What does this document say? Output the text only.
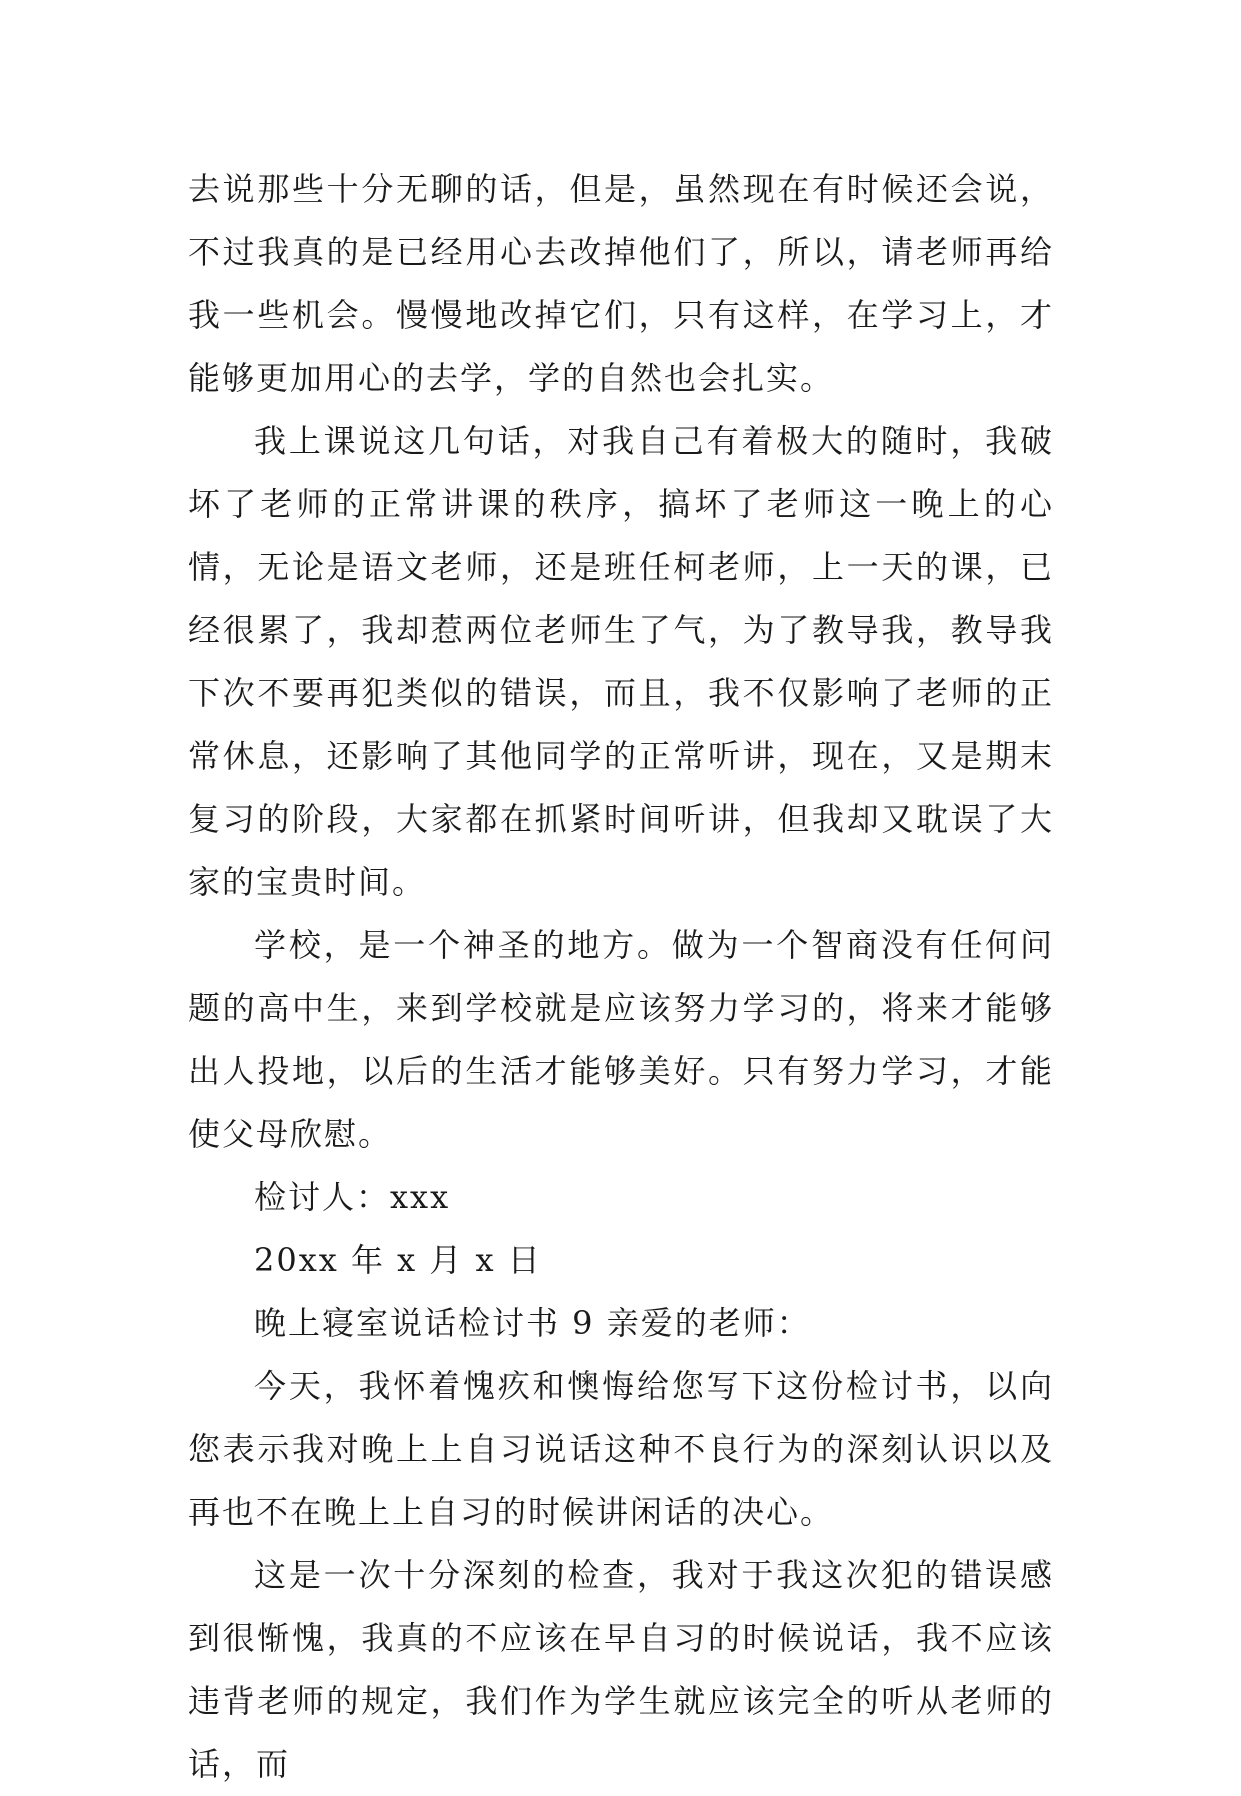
去说那些十分无聊的话，但是，虽然现在有时候还会说，不过我真的是已经用心去改掉他们了，所以，请老师再给我一些机会。慢慢地改掉它们，只有这样，在学习上，才能够更加用心的去学，学的自然也会扎实。

我上课说这几句话，对我自己有着极大的随时，我破坏了老师的正常讲课的秩序，搞坏了老师这一晚上的心情，无论是语文老师，还是班任柯老师，上一天的课，已经很累了，我却惹两位老师生了气，为了教导我，教导我下次不要再犯类似的错误，而且，我不仅影响了老师的正常休息，还影响了其他同学的正常听讲，现在，又是期末复习的阶段，大家都在抓紧时间听讲，但我却又耽误了大家的宝贵时间。

学校，是一个神圣的地方。做为一个智商没有任何问题的高中生，来到学校就是应该努力学习的，将来才能够出人投地，以后的生活才能够美好。只有努力学习，才能使父母欣慰。

检讨人：xxx

20xx 年 x 月 x 日

晚上寝室说话检讨书 9 亲爱的老师：

今天，我怀着愧疚和懊悔给您写下这份检讨书，以向您表示我对晚上上自习说话这种不良行为的深刻认识以及再也不在晚上上自习的时候讲闲话的决心。

这是一次十分深刻的检查，我对于我这次犯的错误感到很惭愧，我真的不应该在早自习的时候说话，我不应该违背老师的规定，我们作为学生就应该完全的听从老师的话，而
